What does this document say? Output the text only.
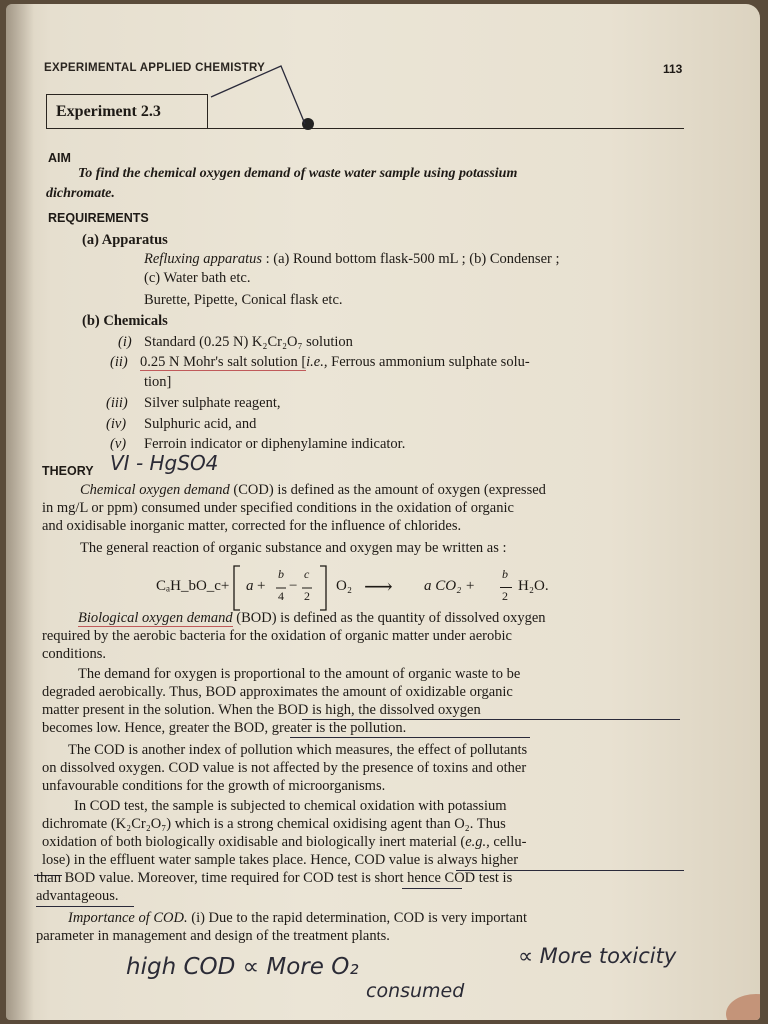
EXPERIMENTAL APPLIED CHEMISTRY	113
Experiment 2.3
AIM
To find the chemical oxygen demand of waste water sample using potassium
dichromate.
REQUIREMENTS
(a) Apparatus
Refluxing apparatus : (a) Round bottom flask-500 mL ; (b) Condenser ;
(c) Water bath etc.
Burette, Pipette, Conical flask etc.
(b) Chemicals
(i) Standard (0.25 N) K₂Cr₂O₇ solution
(ii) 0.25 N Mohr's salt solution [i.e., Ferrous ammonium sulphate solu-
tion]
(iii) Silver sulphate reagent,
(iv) Sulphuric acid, and
(v) Ferroin indicator or diphenylamine indicator.
THEORY VI - HgSO4
Chemical oxygen demand (COD) is defined as the amount of oxygen (expressed
in mg/L or ppm) consumed under specified conditions in the oxidation of organic
and oxidisable inorganic matter, corrected for the influence of chlorides.
The general reaction of organic substance and oxygen may be written as :
CₐH_bO_c+ a +
b
4
−
c
2
O₂ ⟶ a CO₂ +
b
2
H₂O.
Biological oxygen demand (BOD) is defined as the quantity of dissolved oxygen
required by the aerobic bacteria for the oxidation of organic matter under aerobic
conditions.
The demand for oxygen is proportional to the amount of organic waste to be
degraded aerobically. Thus, BOD approximates the amount of oxidizable organic
matter present in the solution. When the BOD is high, the dissolved oxygen
becomes low. Hence, greater the BOD, greater is the pollution.
The COD is another index of pollution which measures, the effect of pollutants
on dissolved oxygen. COD value is not affected by the presence of toxins and other
unfavourable conditions for the growth of microorganisms.
In COD test, the sample is subjected to chemical oxidation with potassium
dichromate (K₂Cr₂O₇) which is a strong chemical oxidising agent than O₂. Thus
oxidation of both biologically oxidisable and biologically inert material (e.g., cellu-
lose) in the effluent water sample takes place. Hence, COD value is always higher
than BOD value. Moreover, time required for COD test is short hence COD test is
advantageous.
Importance of COD. (i) Due to the rapid determination, COD is very important
parameter in management and design of the treatment plants.
high COD ∝ More O₂	∝ More toxicity
consumed
